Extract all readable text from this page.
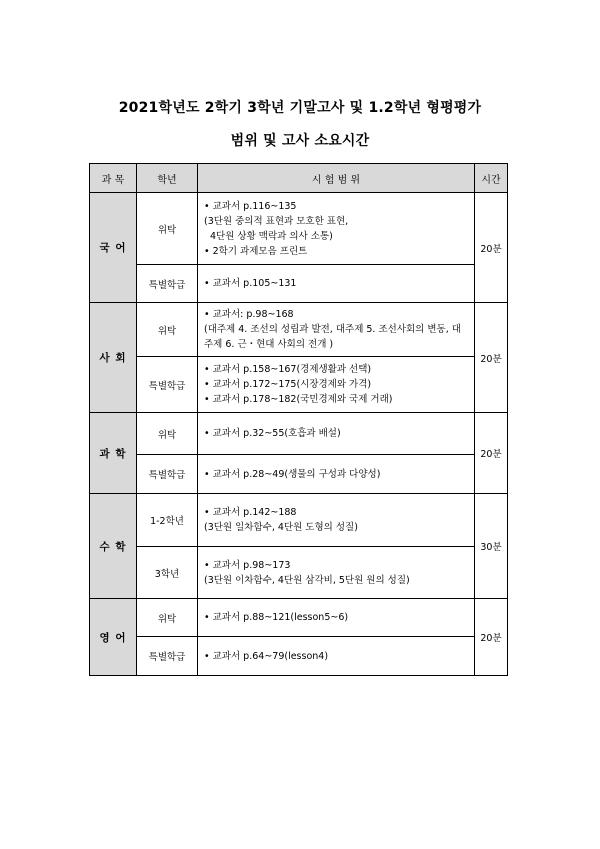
2021학년도 2학기 3학년 기말고사 및 1.2학년 형평평가
범위 및 고사 소요시간
과 목	학년	시 험 범 위	시간
국 어	위탁	• 교과서 p.116~135
(3단원 중의적 표현과 모호한 표현,
4단원 상황 맥락과 의사 소통)
• 2학기 과제모음 프린트	20분
	특별학급	• 교과서 p.105~131	

사 회	위탁	• 교과서: p.98~168
(대주제 4. 조선의 성립과 발전, 대주제 5. 조선사회의 변동, 대주제 6. 근・현대 사회의 전개 )	20분
	특별학급	• 교과서 p.158~167(경제생활과 선택)
• 교과서 p.172~175(시장경제와 가격)
• 교과서 p.178~182(국민경제와 국제 거래)	

과 학	위탁	• 교과서 p.32~55(호흡과 배설)	20분
	특별학급	• 교과서 p.28~49(생물의 구성과 다양성)	

수 학	1-2학년	• 교과서 p.142~188
(3단원 일차함수, 4단원 도형의 성질)	30분
	3학년	• 교과서 p.98~173
(3단원 이차함수, 4단원 삼각비, 5단원 원의 성질)	

영 어	위탁	• 교과서 p.88~121(lesson5~6)	20분
	특별학급	• 교과서 p.64~79(lesson4)	
